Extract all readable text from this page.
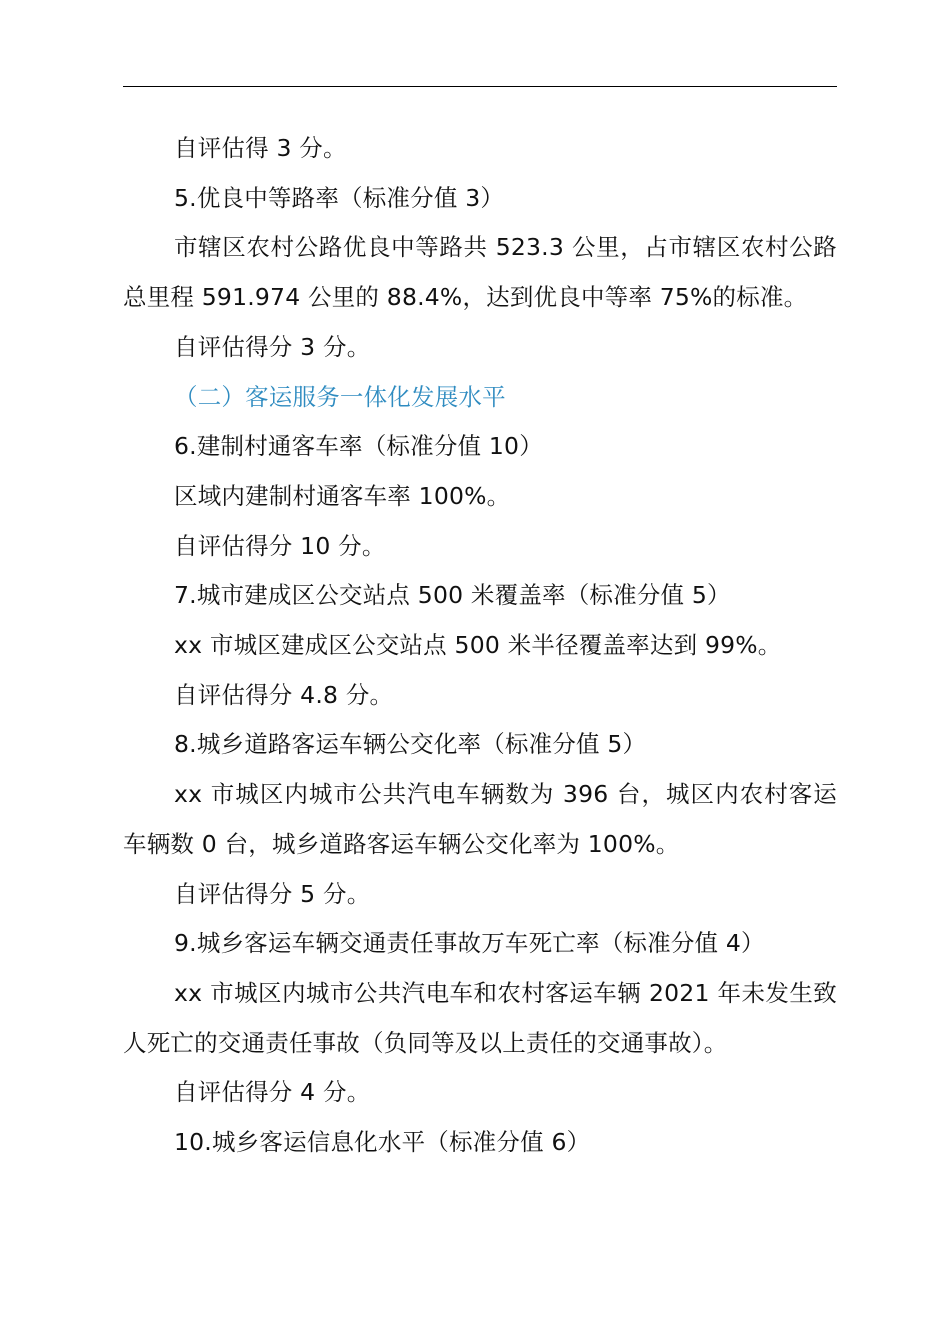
自评估得 3 分。

5.优良中等路率（标准分值 3）

市辖区农村公路优良中等路共 523.3 公里，占市辖区农村公路总里程 591.974 公里的 88.4%，达到优良中等率 75%的标准。

自评估得分 3 分。

（二）客运服务一体化发展水平

6.建制村通客车率（标准分值 10）

区域内建制村通客车率 100%。

自评估得分 10 分。

7.城市建成区公交站点 500 米覆盖率（标准分值 5）

xx 市城区建成区公交站点 500 米半径覆盖率达到 99%。

自评估得分 4.8 分。

8.城乡道路客运车辆公交化率（标准分值 5）

xx 市城区内城市公共汽电车辆数为 396 台，城区内农村客运车辆数 0 台，城乡道路客运车辆公交化率为 100%。

自评估得分 5 分。

9.城乡客运车辆交通责任事故万车死亡率（标准分值 4）

xx 市城区内城市公共汽电车和农村客运车辆 2021 年未发生致人死亡的交通责任事故（负同等及以上责任的交通事故）。

自评估得分 4 分。

10.城乡客运信息化水平（标准分值 6）
